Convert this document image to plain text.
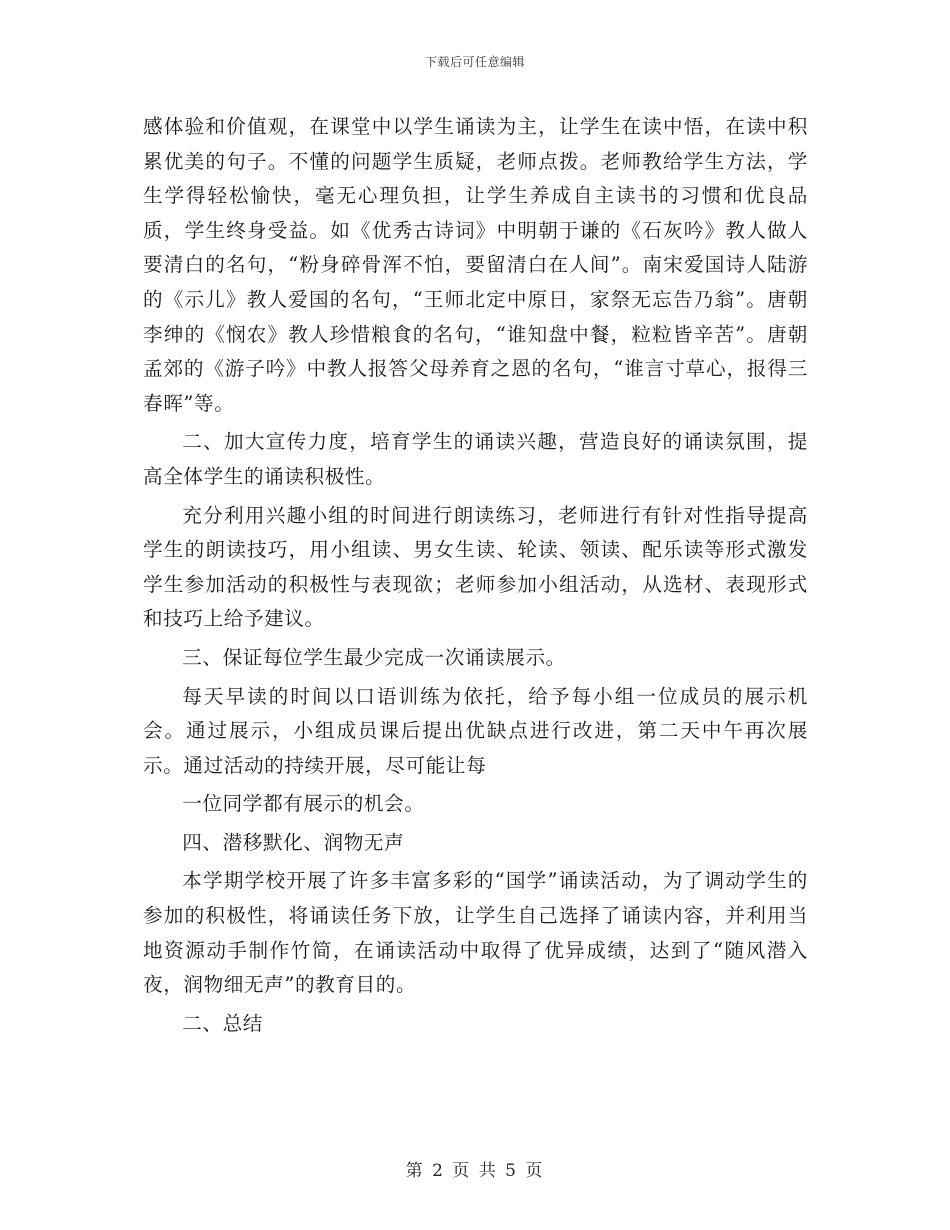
下载后可任意编辑

感体验和价值观，在课堂中以学生诵读为主，让学生在读中悟，在读中积累优美的句子。不懂的问题学生质疑，老师点拨。老师教给学生方法，学生学得轻松愉快，毫无心理负担，让学生养成自主读书的习惯和优良品质，学生终身受益。如《优秀古诗词》中明朝于谦的《石灰吟》教人做人要清白的名句，“粉身碎骨浑不怕，要留清白在人间”。南宋爱国诗人陆游的《示儿》教人爱国的名句，“王师北定中原日，家祭无忘告乃翁”。唐朝李绅的《悯农》教人珍惜粮食的名句，“谁知盘中餐，粒粒皆辛苦”。唐朝孟郊的《游子吟》中教人报答父母养育之恩的名句，“谁言寸草心，报得三春晖”等。

二、加大宣传力度，培育学生的诵读兴趣，营造良好的诵读氛围，提高全体学生的诵读积极性。

充分利用兴趣小组的时间进行朗读练习，老师进行有针对性指导提高学生的朗读技巧，用小组读、男女生读、轮读、领读、配乐读等形式激发学生参加活动的积极性与表现欲；老师参加小组活动，从选材、表现形式和技巧上给予建议。

三、保证每位学生最少完成一次诵读展示。

每天早读的时间以口语训练为依托，给予每小组一位成员的展示机会。通过展示，小组成员课后提出优缺点进行改进，第二天中午再次展示。通过活动的持续开展，尽可能让每

一位同学都有展示的机会。

四、潜移默化、润物无声

本学期学校开展了许多丰富多彩的“国学”诵读活动，为了调动学生的参加的积极性，将诵读任务下放，让学生自己选择了诵读内容，并利用当地资源动手制作竹简，在诵读活动中取得了优异成绩，达到了“随风潜入夜，润物细无声”的教育目的。

二、总结

第 2 页 共 5 页
